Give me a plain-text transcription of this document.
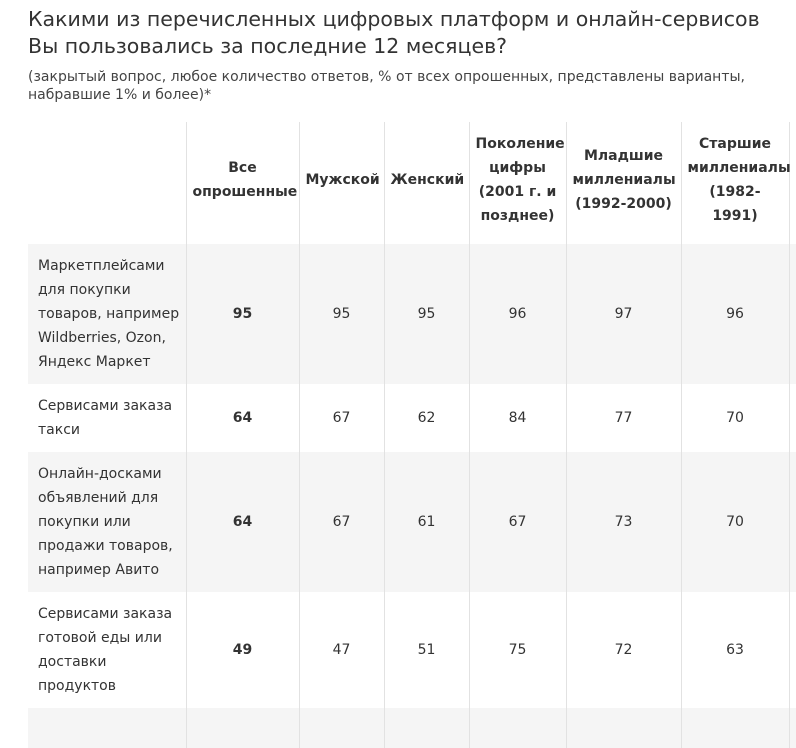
Какими из перечисленных цифровых платформ и онлайн-сервисов Вы пользовались за последние 12 месяцев?

(закрытый вопрос, любое количество ответов, % от всех опрошенных, представлены варианты, набравшие 1% и более)*

	Все опрошенные	Мужской	Женский	Поколение цифры (2001 г. и позднее)	Младшие миллениалы (1992-2000)	Старшие миллениалы (1982-1991)	

Маркетплейсами для покупки товаров, например Wildberries, Ozon, Яндекс Маркет	95	95	95	96	97	96	
Сервисами заказа такси	64	67	62	84	77	70	
Онлайн-досками объявлений для покупки или продажи товаров, например Авито	64	67	61	67	73	70	
Сервисами заказа готовой еды или доставки продуктов	49	47	51	75	72	63	
